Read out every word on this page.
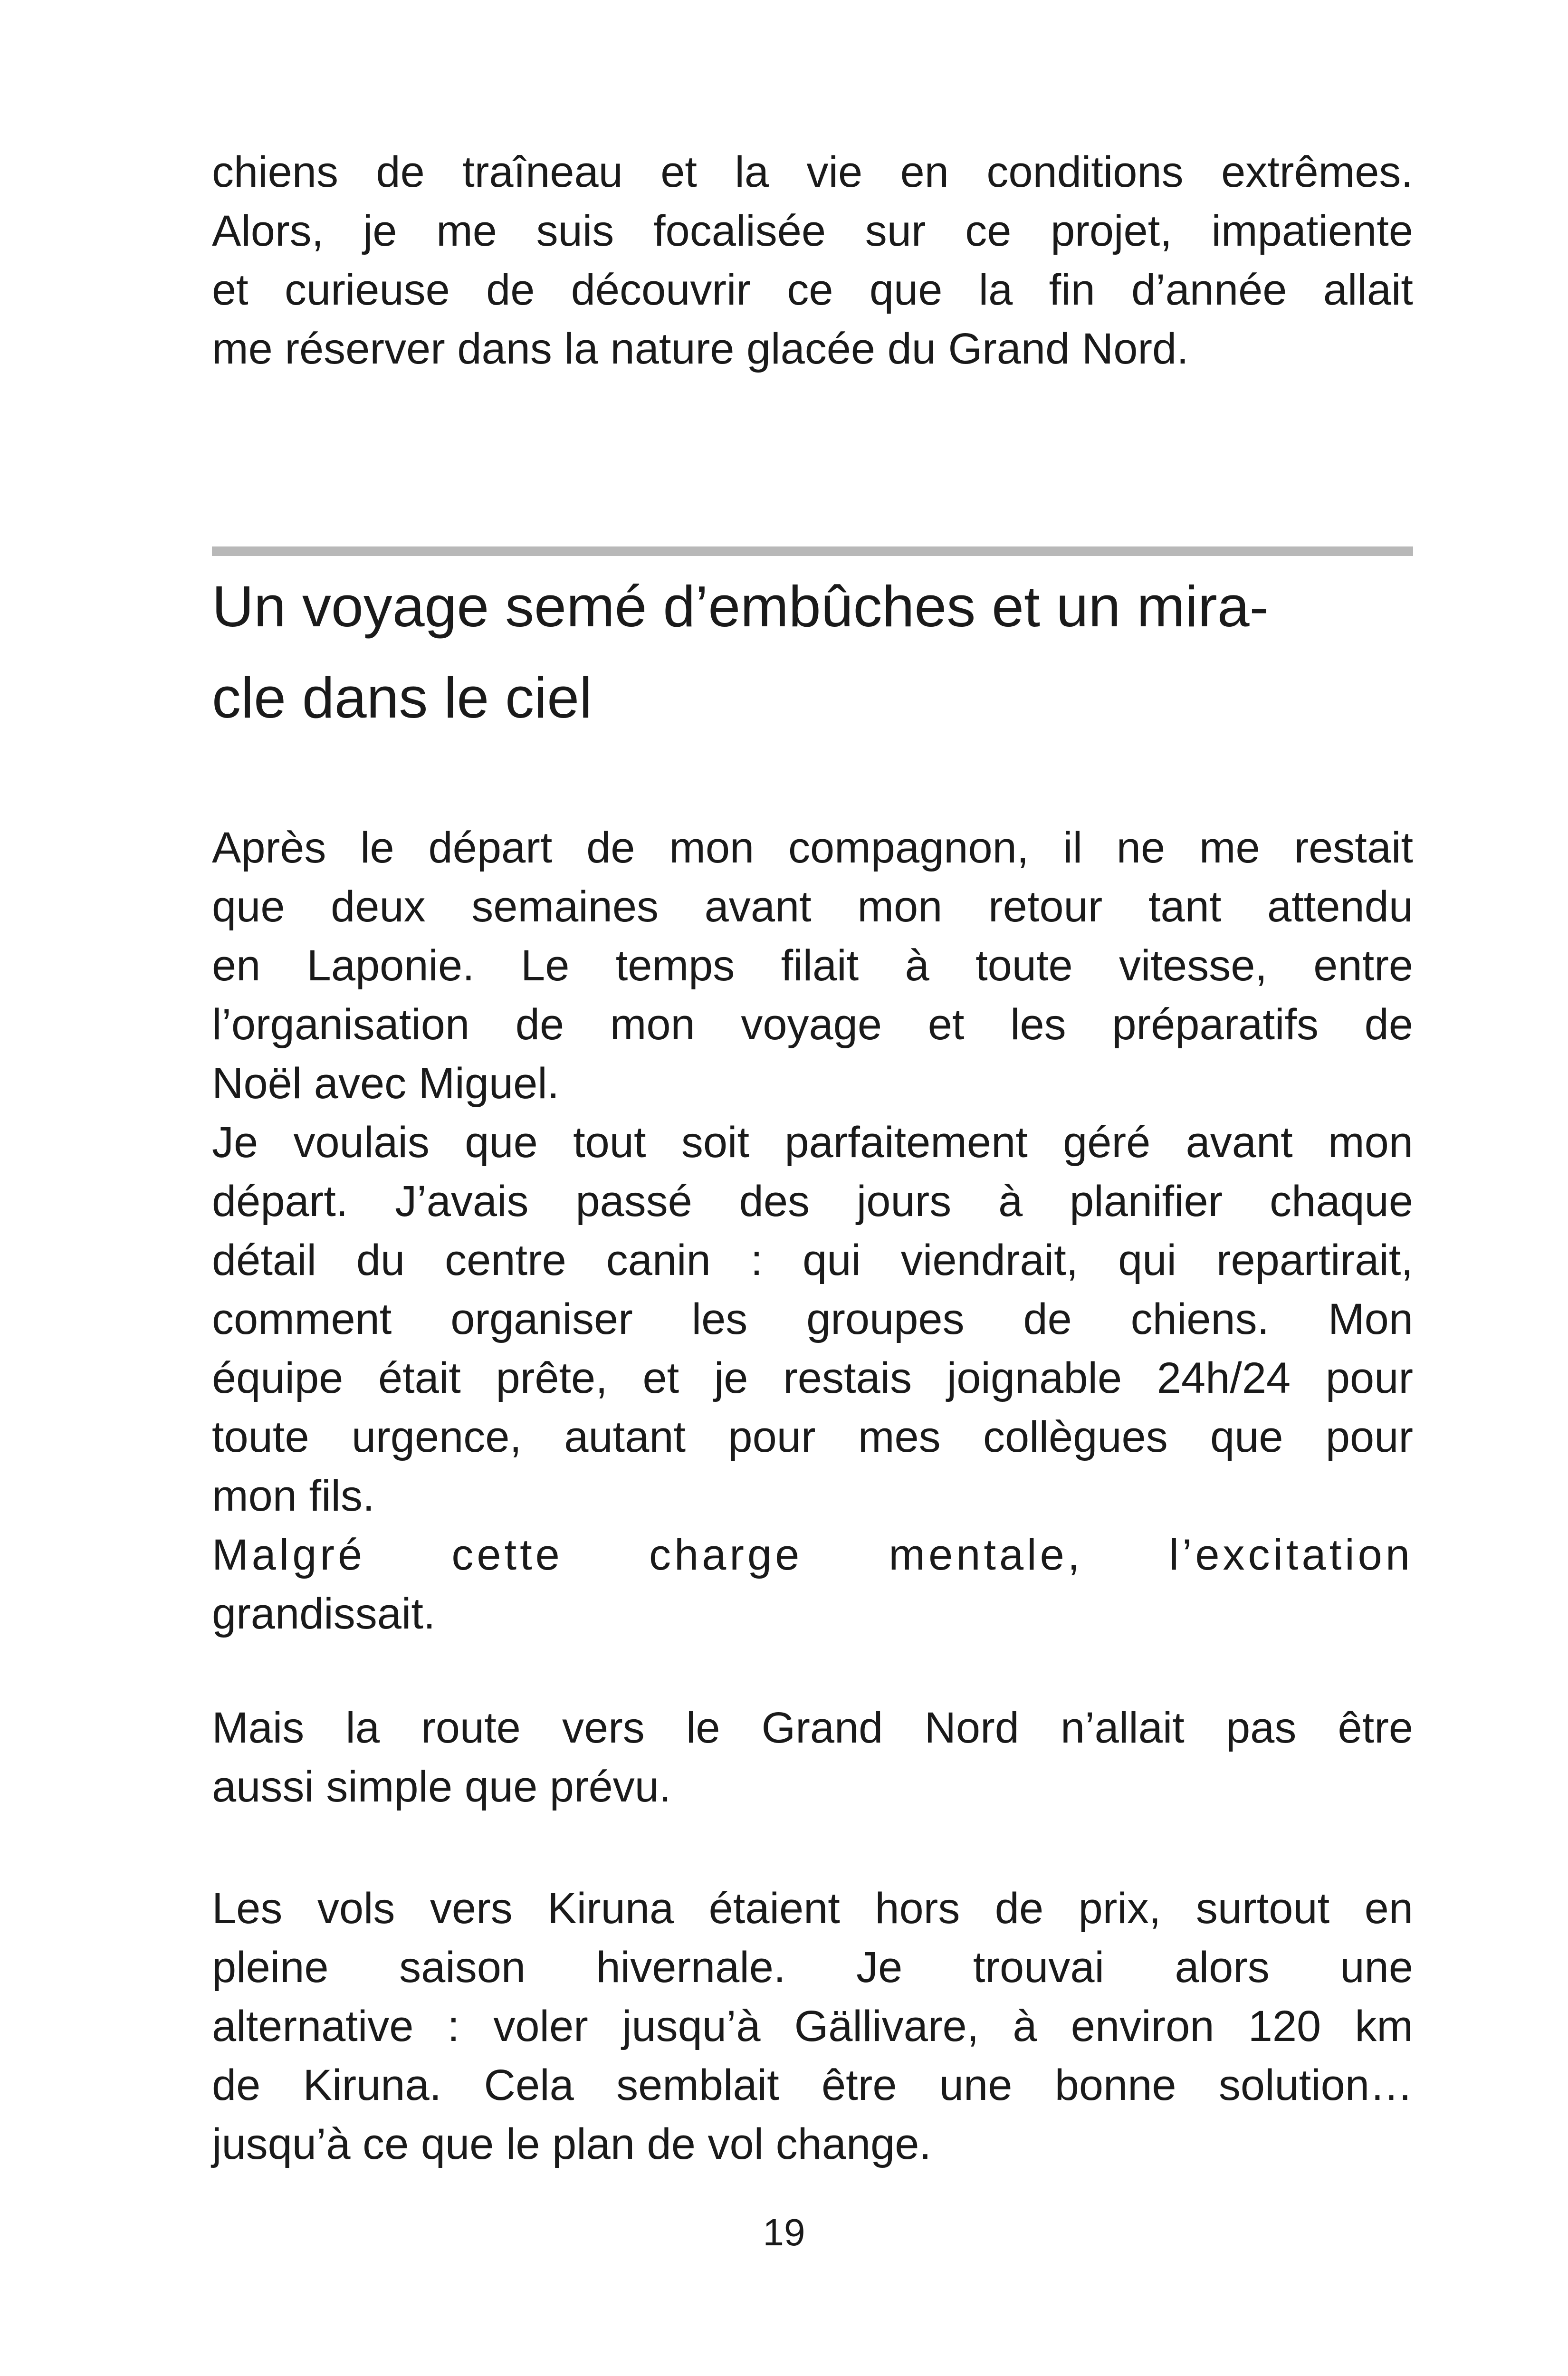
chiens de traîneau et la vie en conditions extrêmes.
Alors, je me suis focalisée sur ce projet, impatiente
et curieuse de découvrir ce que la fin d’année allait
me réserver dans la nature glacée du Grand Nord.
Un voyage semé d’embûches et un mira-
cle dans le ciel
Après le départ de mon compagnon, il ne me restait
que deux semaines avant mon retour tant attendu
en Laponie. Le temps filait à toute vitesse, entre
l’organisation de mon voyage et les préparatifs de
Noël avec Miguel.
Je voulais que tout soit parfaitement géré avant mon
départ. J’avais passé des jours à planifier chaque
détail du centre canin : qui viendrait, qui repartirait,
comment organiser les groupes de chiens. Mon
équipe était prête, et je restais joignable 24h/24 pour
toute urgence, autant pour mes collègues que pour
mon fils.
Malgré cette charge mentale, l’excitation
grandissait.
Mais la route vers le Grand Nord n’allait pas être
aussi simple que prévu.
Les vols vers Kiruna étaient hors de prix, surtout en
pleine saison hivernale. Je trouvai alors une
alternative : voler jusqu’à Gällivare, à environ 120 km
de Kiruna. Cela semblait être une bonne solution…
jusqu’à ce que le plan de vol change.
19
